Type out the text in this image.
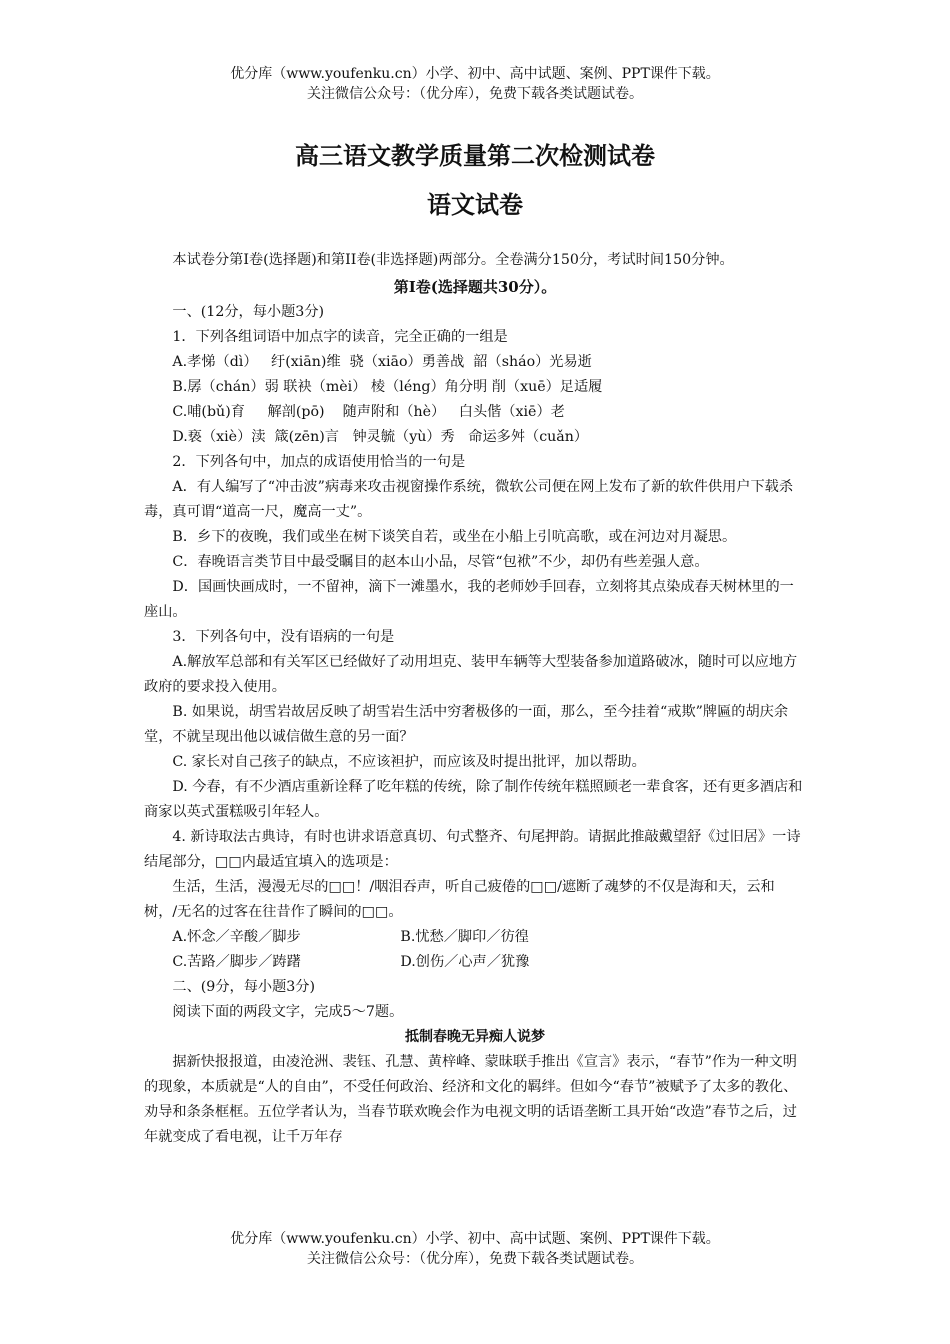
优分库（www.youfenku.cn）小学、初中、高中试题、案例、PPT课件下载。
关注微信公众号：（优分库），免费下载各类试题试卷。
高三语文教学质量第二次检测试卷
语文试卷

本试卷分第Ⅰ卷(选择题)和第II卷(非选择题)两部分。全卷满分150分，考试时间150分钟。

第Ⅰ卷(选择题共30分）。

一、(12分，每小题3分)

1．下列各组词语中加点字的读音，完全正确的一组是

A.孝悌（dì）   纡(xiān)维  骁（xiāo）勇善战  韶（sháo）光易逝

B.孱（chán）弱 联袂（mèi） 棱（léng）角分明 削（xuē）足适履

C.哺(bǔ)育     解剖(pō)    随声附和（hè）   白头偕（xiē）老

D.亵（xiè）渎  箴(zēn)言   钟灵毓（yù）秀   命运多舛（cuǎn）

2．下列各句中，加点的成语使用恰当的一句是

A．有人编写了“冲击波”病毒来攻击视窗操作系统，微软公司便在网上发布了新的软件供用户下载杀毒，真可谓“道高一尺，魔高一丈”。

B．乡下的夜晚，我们或坐在树下谈笑自若，或坐在小船上引吭高歌，或在河边对月凝思。

C．春晚语言类节目中最受瞩目的赵本山小品，尽管“包袱”不少，却仍有些差强人意。

D．国画快画成时，一不留神，滴下一滩墨水，我的老师妙手回春，立刻将其点染成春天树林里的一座山。

3．下列各句中，没有语病的一句是

A.解放军总部和有关军区已经做好了动用坦克、装甲车辆等大型装备参加道路破冰，随时可以应地方政府的要求投入使用。

B. 如果说，胡雪岩故居反映了胡雪岩生活中穷奢极侈的一面，那么，至今挂着“戒欺”牌匾的胡庆余堂，不就呈现出他以诚信做生意的另一面？

C. 家长对自己孩子的缺点，不应该袒护，而应该及时提出批评，加以帮助。

D. 今春，有不少酒店重新诠释了吃年糕的传统，除了制作传统年糕照顾老一辈食客，还有更多酒店和商家以英式蛋糕吸引年轻人。

4. 新诗取法古典诗，有时也讲求语意真切、句式整齐、句尾押韵。请据此推敲戴望舒《过旧居》一诗结尾部分，□□内最适宜填入的选项是：

生活，生活，漫漫无尽的□□！/咽泪吞声，听自己疲倦的□□/遮断了魂梦的不仅是海和天，云和树，/无名的过客在往昔作了瞬间的□□。

A.怀念／辛酸／脚步	B.忧愁／脚印／彷徨
C.苦路／脚步／踌躇	D.创伤／心声／犹豫

二、(9分，每小题3分)

阅读下面的两段文字，完成5～7题。

抵制春晚无异痴人说梦

据新快报报道，由凌沧洲、裴钰、孔慧、黄梓峰、蒙昧联手推出《宣言》表示，“春节”作为一种文明的现象，本质就是“人的自由”，不受任何政治、经济和文化的羁绊。但如今“春节”被赋予了太多的教化、劝导和条条框框。五位学者认为，当春节联欢晚会作为电视文明的话语垄断工具开始“改造”春节之后，过年就变成了看电视，让千万年存

优分库（www.youfenku.cn）小学、初中、高中试题、案例、PPT课件下载。
关注微信公众号：（优分库），免费下载各类试题试卷。
